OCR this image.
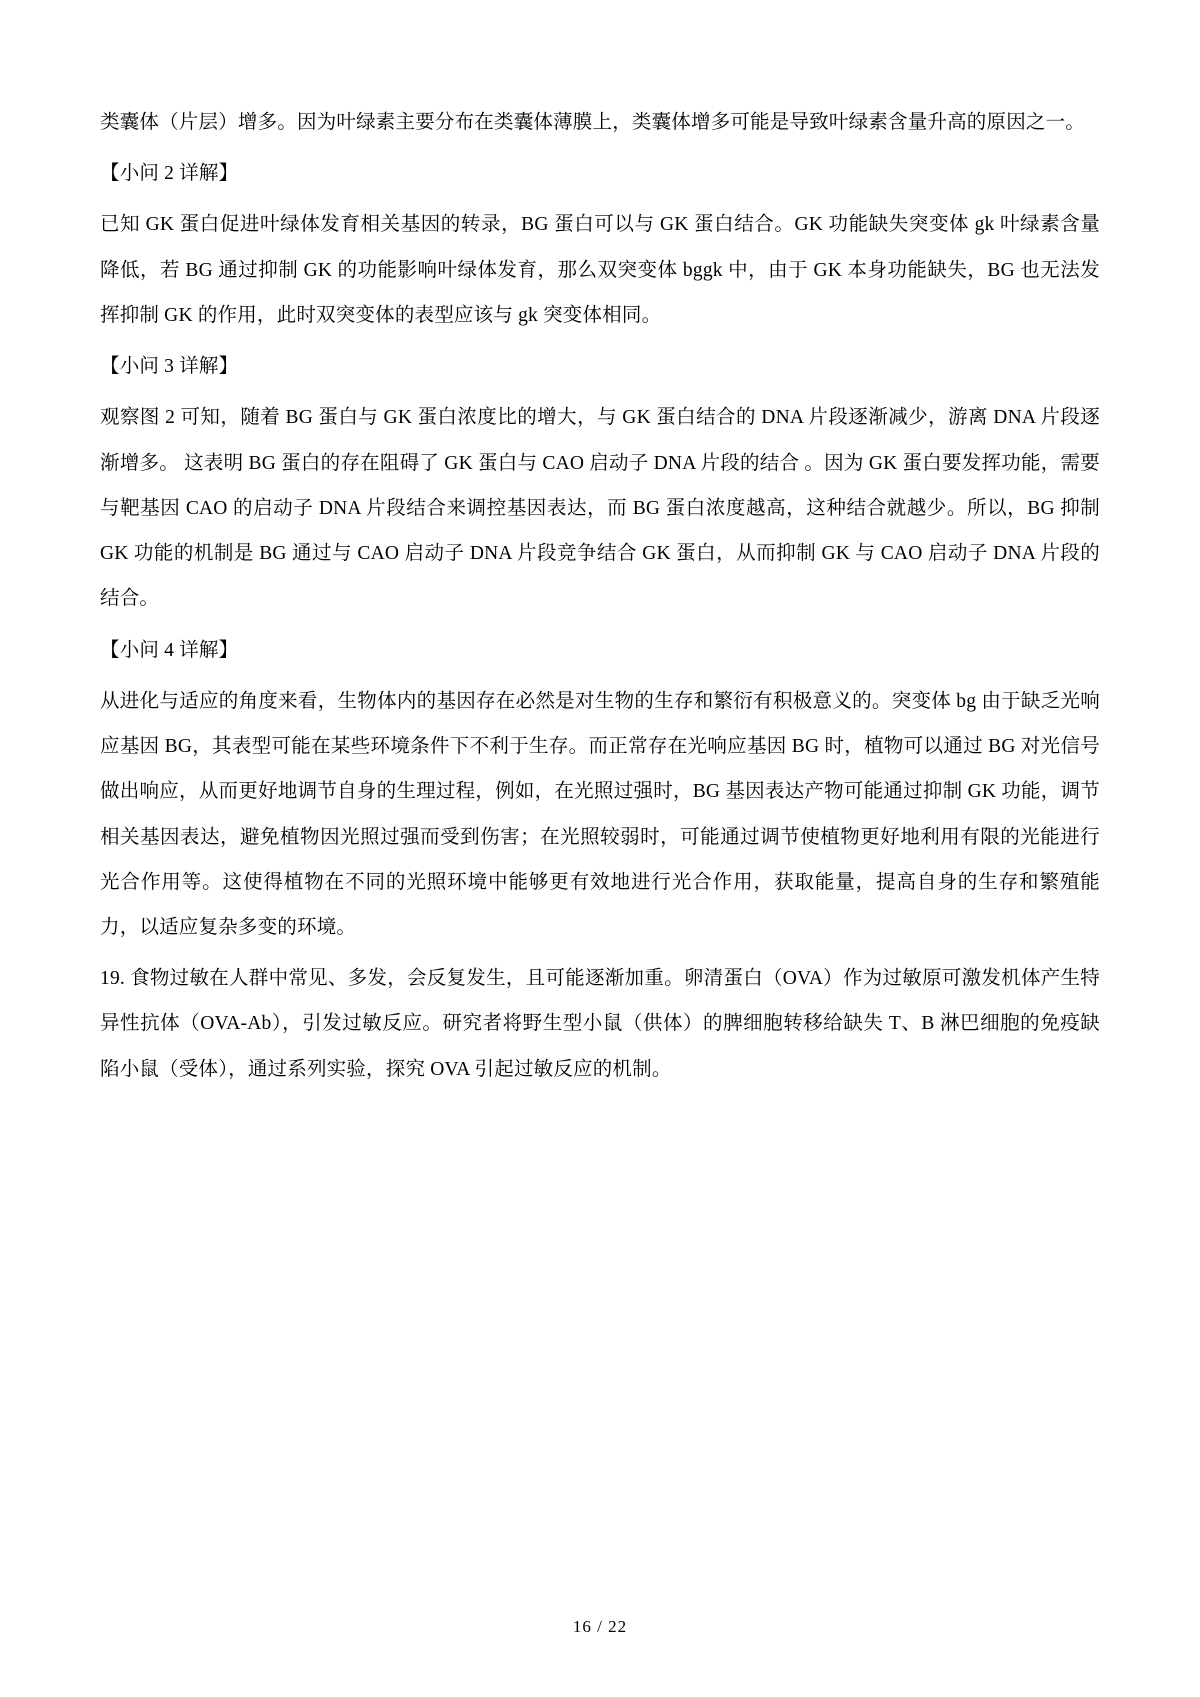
类囊体（片层）增多。因为叶绿素主要分布在类囊体薄膜上，类囊体增多可能是导致叶绿素含量升高的原因之一。

【小问 2 详解】

已知 GK 蛋白促进叶绿体发育相关基因的转录，BG 蛋白可以与 GK 蛋白结合。GK 功能缺失突变体 gk 叶绿素含量降低，若 BG 通过抑制 GK 的功能影响叶绿体发育，那么双突变体 bggk 中，由于 GK 本身功能缺失，BG 也无法发挥抑制 GK 的作用，此时双突变体的表型应该与 gk 突变体相同。

【小问 3 详解】

观察图 2 可知，随着 BG 蛋白与 GK 蛋白浓度比的增大，与 GK 蛋白结合的 DNA 片段逐渐减少，游离 DNA 片段逐渐增多。 这表明 BG 蛋白的存在阻碍了 GK 蛋白与 CAO 启动子 DNA 片段的结合 。因为 GK 蛋白要发挥功能，需要与靶基因 CAO 的启动子 DNA 片段结合来调控基因表达，而 BG 蛋白浓度越高，这种结合就越少。所以，BG 抑制 GK 功能的机制是 BG 通过与 CAO 启动子 DNA 片段竞争结合 GK 蛋白，从而抑制 GK 与 CAO 启动子 DNA 片段的结合。

【小问 4 详解】

从进化与适应的角度来看，生物体内的基因存在必然是对生物的生存和繁衍有积极意义的。突变体 bg 由于缺乏光响应基因 BG，其表型可能在某些环境条件下不利于生存。而正常存在光响应基因 BG 时，植物可以通过 BG 对光信号做出响应，从而更好地调节自身的生理过程，例如，在光照过强时，BG 基因表达产物可能通过抑制 GK 功能，调节相关基因表达，避免植物因光照过强而受到伤害；在光照较弱时，可能通过调节使植物更好地利用有限的光能进行光合作用等。这使得植物在不同的光照环境中能够更有效地进行光合作用，获取能量，提高自身的生存和繁殖能力，以适应复杂多变的环境。

19. 食物过敏在人群中常见、多发，会反复发生，且可能逐渐加重。卵清蛋白（OVA）作为过敏原可激发机体产生特异性抗体（OVA-Ab），引发过敏反应。研究者将野生型小鼠（供体）的脾细胞转移给缺失 T、B 淋巴细胞的免疫缺陷小鼠（受体），通过系列实验，探究 OVA 引起过敏反应的机制。

16 / 22
